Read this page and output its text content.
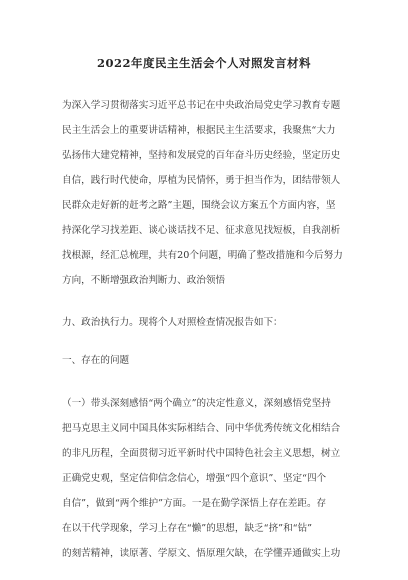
2022年度民主生活会个人对照发言材料
为深入学习贯彻落实习近平总书记在中央政治局党史学习教育专题
民主生活会上的重要讲话精神，根据民主生活要求，我聚焦“大力
弘扬伟大建党精神，坚持和发展党的百年奋斗历史经验，坚定历史
自信，践行时代使命，厚植为民情怀，勇于担当作为，团结带领人
民群众走好新的赶考之路”主题，围绕会议方案五个方面内容，坚
持深化学习找差距、谈心谈话找不足、征求意见找短板，自我剖析
找根源，经汇总梳理，共有20个问题，明确了整改措施和今后努力
方向，不断增强政治判断力、政治领悟
力、政治执行力。现将个人对照检查情况报告如下：
一、存在的问题
（一）带头深刻感悟“两个确立”的决定性意义，深刻感悟党坚持
把马克思主义同中国具体实际相结合、同中华优秀传统文化相结合
的非凡历程，全面贯彻习近平新时代中国特色社会主义思想，树立
正确党史观，坚定信仰信念信心，增强“四个意识”、坚定“四个
自信”，做到“两个维护”方面。一是在勤学深悟上存在差距。存
在以干代学现象，学习上存在“懒”的思想，缺乏“挤”和“钻”
的刻苦精神，读原著、学原文、悟原理欠缺，在学懂弄通做实上功
